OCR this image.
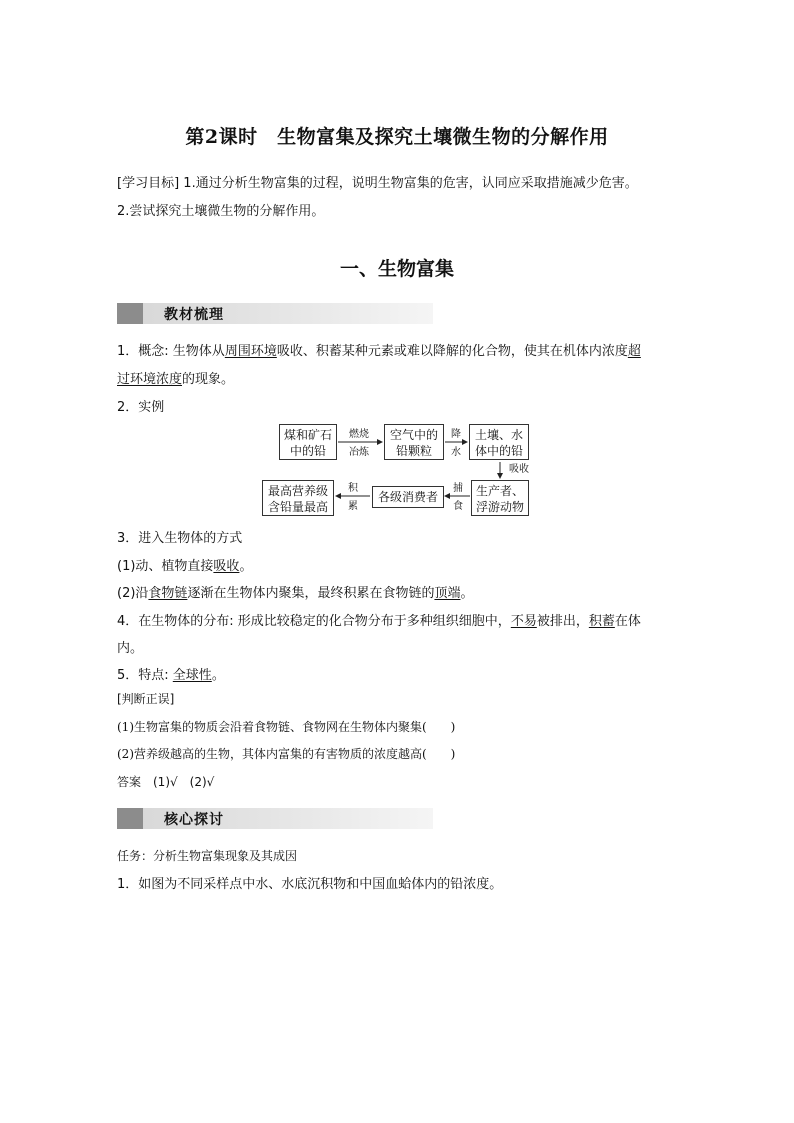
第2课时　生物富集及探究土壤微生物的分解作用
[学习目标] 1.通过分析生物富集的过程，说明生物富集的危害，认同应采取措施减少危害。
2.尝试探究土壤微生物的分解作用。
一、生物富集
教材梳理
1．概念: 生物体从周围环境吸收、积蓄某种元素或难以降解的化合物，使其在机体内浓度超
过环境浓度的现象。
2．实例
煤和矿石
中的铅
燃烧
冶炼
空气中的
铅颗粒
降
水
土壤、水
体中的铅
吸收
生产者、
浮游动物
捕
食
各级消费者
积
累
最高营养级
含铅量最高
3．进入生物体的方式
(1)动、植物直接吸收。
(2)沿食物链逐渐在生物体内聚集，最终积累在食物链的顶端。
4．在生物体的分布: 形成比较稳定的化合物分布于多种组织细胞中，不易被排出，积蓄在体
内。
5．特点: 全球性。
[判断正误]
(1)生物富集的物质会沿着食物链、食物网在生物体内聚集(　　)
(2)营养级越高的生物，其体内富集的有害物质的浓度越高(　　)
答案　(1)√　(2)√
核心探讨
任务：分析生物富集现象及其成因
1．如图为不同采样点中水、水底沉积物和中国血蛤体内的铅浓度。
